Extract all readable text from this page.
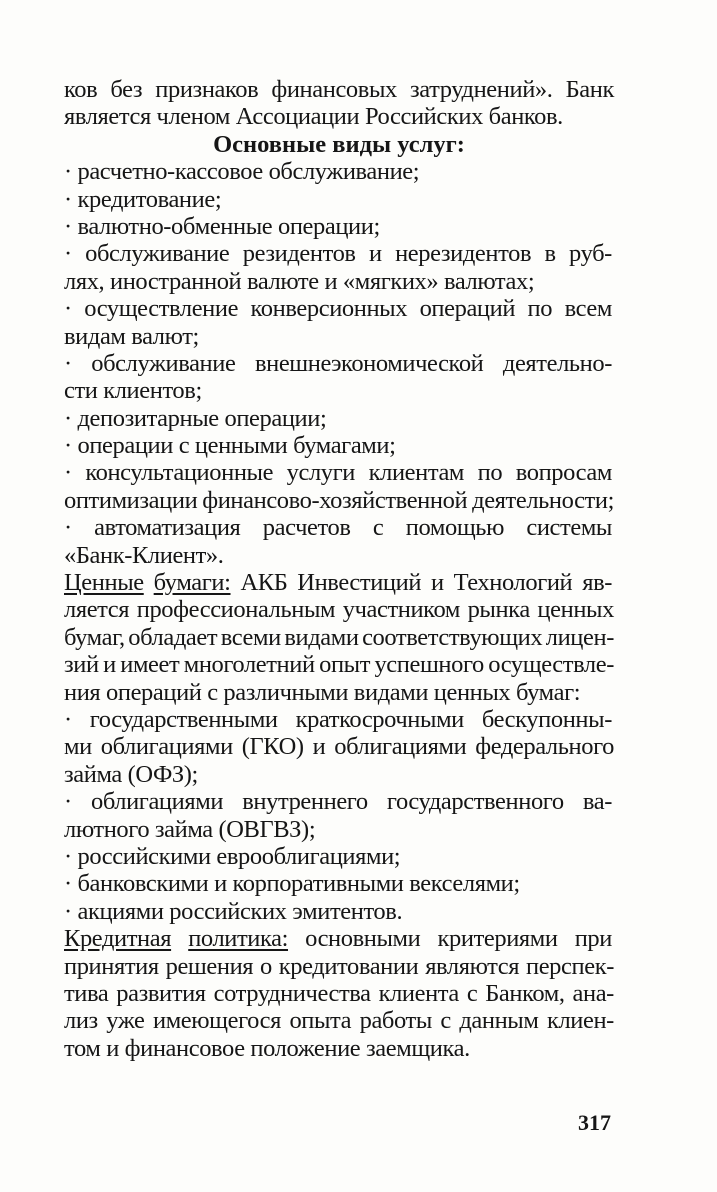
ков без признаков финансовых затруднений». Банк
является членом Ассоциации Российских банков.
Основные виды услуг:
· расчетно-кассовое обслуживание;
· кредитование;
· валютно-обменные операции;
· обслуживание резидентов и нерезидентов в руб-
лях, иностранной валюте и «мягких» валютах;
· осуществление конверсионных операций по всем
видам валют;
· обслуживание внешнеэкономической деятельно-
сти клиентов;
· депозитарные операции;
· операции с ценными бумагами;
· консультационные услуги клиентам по вопросам
оптимизации финансово-хозяйственной деятельности;
· автоматизация расчетов с помощью системы
«Банк-Клиент».
Ценные бумаги: АКБ Инвестиций и Технологий яв-
ляется профессиональным участником рынка ценных
бумаг, обладает всеми видами соответствующих лицен-
зий и имеет многолетний опыт успешного осуществле-
ния операций с различными видами ценных бумаг:
· государственными краткосрочными бескупонны-
ми облигациями (ГКО) и облигациями федерального
займа (ОФЗ);
· облигациями внутреннего государственного ва-
лютного займа (ОВГВЗ);
· российскими еврооблигациями;
· банковскими и корпоративными векселями;
· акциями российских эмитентов.
Кредитная политика: основными критериями при
принятия решения о кредитовании являются перспек-
тива развития сотрудничества клиента с Банком, ана-
лиз уже имеющегося опыта работы с данным клиен-
том и финансовое положение заемщика.
317
